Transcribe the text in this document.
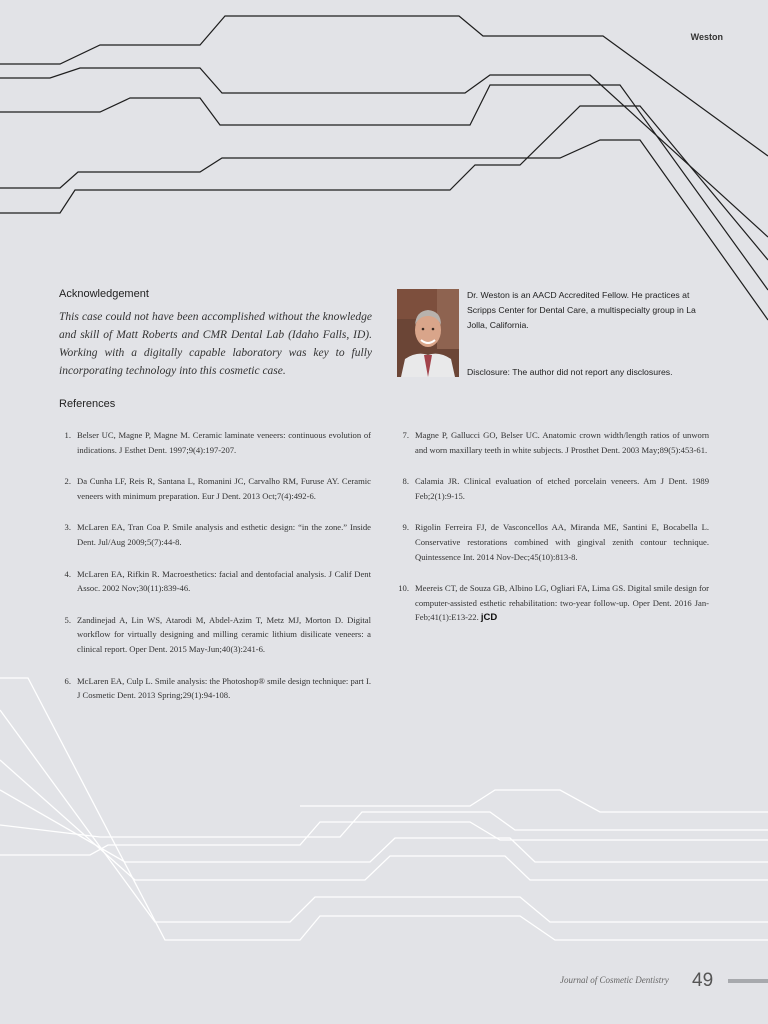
Weston
Acknowledgement
This case could not have been accomplished without the knowledge and skill of Matt Roberts and CMR Dental Lab (Idaho Falls, ID). Working with a digitally capable laboratory was key to fully incorporating technology into this cosmetic case.
Dr. Weston is an AACD Accredited Fellow. He practices at Scripps Center for Dental Care, a multispecialty group in La Jolla, California.
Disclosure: The author did not report any disclosures.
References
1. Belser UC, Magne P, Magne M. Ceramic laminate veneers: continuous evolution of indications. J Esthet Dent. 1997;9(4):197-207.
2. Da Cunha LF, Reis R, Santana L, Romanini JC, Carvalho RM, Furuse AY. Ceramic veneers with minimum preparation. Eur J Dent. 2013 Oct;7(4):492-6.
3. McLaren EA, Tran Coa P. Smile analysis and esthetic design: “in the zone.” Inside Dent. Jul/Aug 2009;5(7):44-8.
4. McLaren EA, Rifkin R. Macroesthetics: facial and dentofacial analysis. J Calif Dent Assoc. 2002 Nov;30(11):839-46.
5. Zandinejad A, Lin WS, Atarodi M, Abdel-Azim T, Metz MJ, Morton D. Digital workflow for virtually designing and milling ceramic lithium disilicate veneers: a clinical report. Oper Dent. 2015 May-Jun;40(3):241-6.
6. McLaren EA, Culp L. Smile analysis: the Photoshop® smile design technique: part I. J Cosmetic Dent. 2013 Spring;29(1):94-108.
7. Magne P, Gallucci GO, Belser UC. Anatomic crown width/length ratios of unworn and worn maxillary teeth in white subjects. J Prosthet Dent. 2003 May;89(5):453-61.
8. Calamia JR. Clinical evaluation of etched porcelain veneers. Am J Dent. 1989 Feb;2(1):9-15.
9. Rigolin Ferreira FJ, de Vasconcellos AA, Miranda ME, Santini E, Bocabella L. Conservative restorations combined with gingival zenith contour technique. Quintessence Int. 2014 Nov-Dec;45(10):813-8.
10. Meereis CT, de Souza GB, Albino LG, Ogliari FA, Lima GS. Digital smile design for computer-assisted esthetic rehabilitation: two-year follow-up. Oper Dent. 2016 Jan-Feb;41(1):E13-22. jCD
Journal of Cosmetic Dentistry 49
